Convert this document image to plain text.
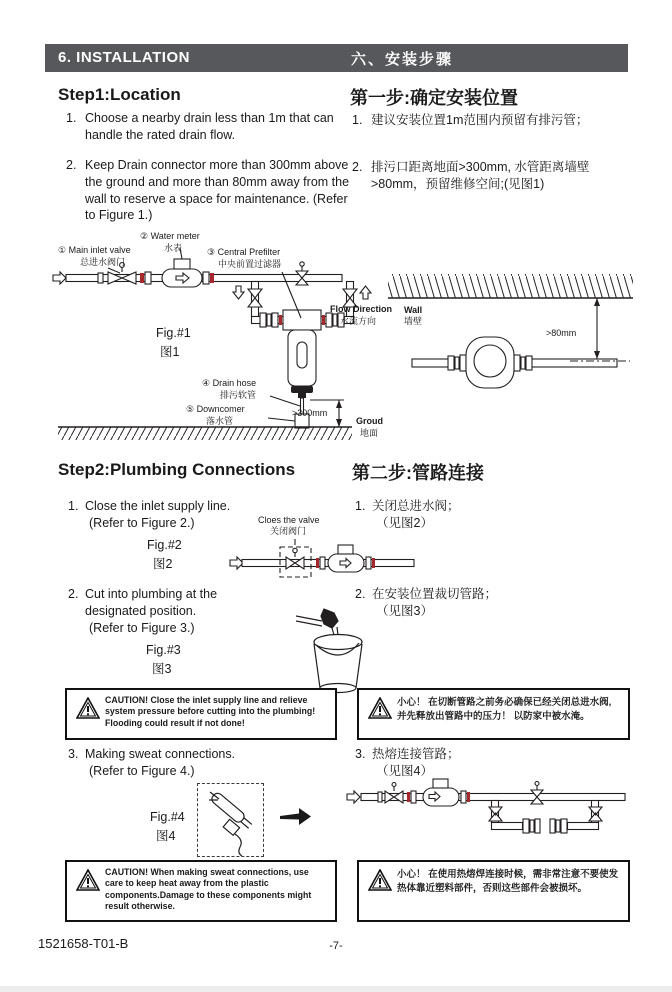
6. INSTALLATION	六、安装步骤
Step1:Location	第一步:确定安装位置
1. Choose a nearby drain less than 1m that can handle the rated drain flow.
2. Keep Drain connector more than 300mm above the ground and more than 80mm away from the wall to reserve a space for maintenance. (Refer to Figure 1.)
1. 建议安装位置1m范围内预留有排污管；
2. 排污口距离地面>300mm, 水管距离墙壁 >80mm，预留维修空间;(见图1)
② Water meter
水表
① Main inlet valve
总进水阀门
③ Central Prefilter
中央前置过滤器
Fig.#1
图1
Flow Direction
水流方向
Wall
墙壁
>80mm
④ Drain hose
排污软管
>300mm
⑤ Downcomer
落水管	Groud
地面
Step2:Plumbing Connections	第二步:管路连接
1. Close the inlet supply line.
(Refer to Figure 2.)
Fig.#2
图2
1. 关闭总进水阀；
（见图2）
Cloes the valve
关闭阀门
2. Cut into plumbing at the
designated position.
(Refer to Figure 3.)
Fig.#3
图3
2. 在安装位置裁切管路；
（见图3）
CAUTION! Close the inlet supply line and relieve system pressure before cutting into the plumbing! Flooding could result if not done!
小心！ 在切断管路之前务必确保已经关闭总进水阀, 并先释放出管路中的压力！ 以防家中被水淹。
3. Making sweat connections.
(Refer to Figure 4.)
Fig.#4
图4
3. 热熔连接管路；
（见图4）
CAUTION! When making sweat connections, use care to keep heat away from the plastic components.Damage to these components might result otherwise.
小心！ 在使用热熔焊连接时候，需非常注意不要使发热体靠近塑料部件，否则这些部件会被损坏。
1521658-T01-B	-7-
